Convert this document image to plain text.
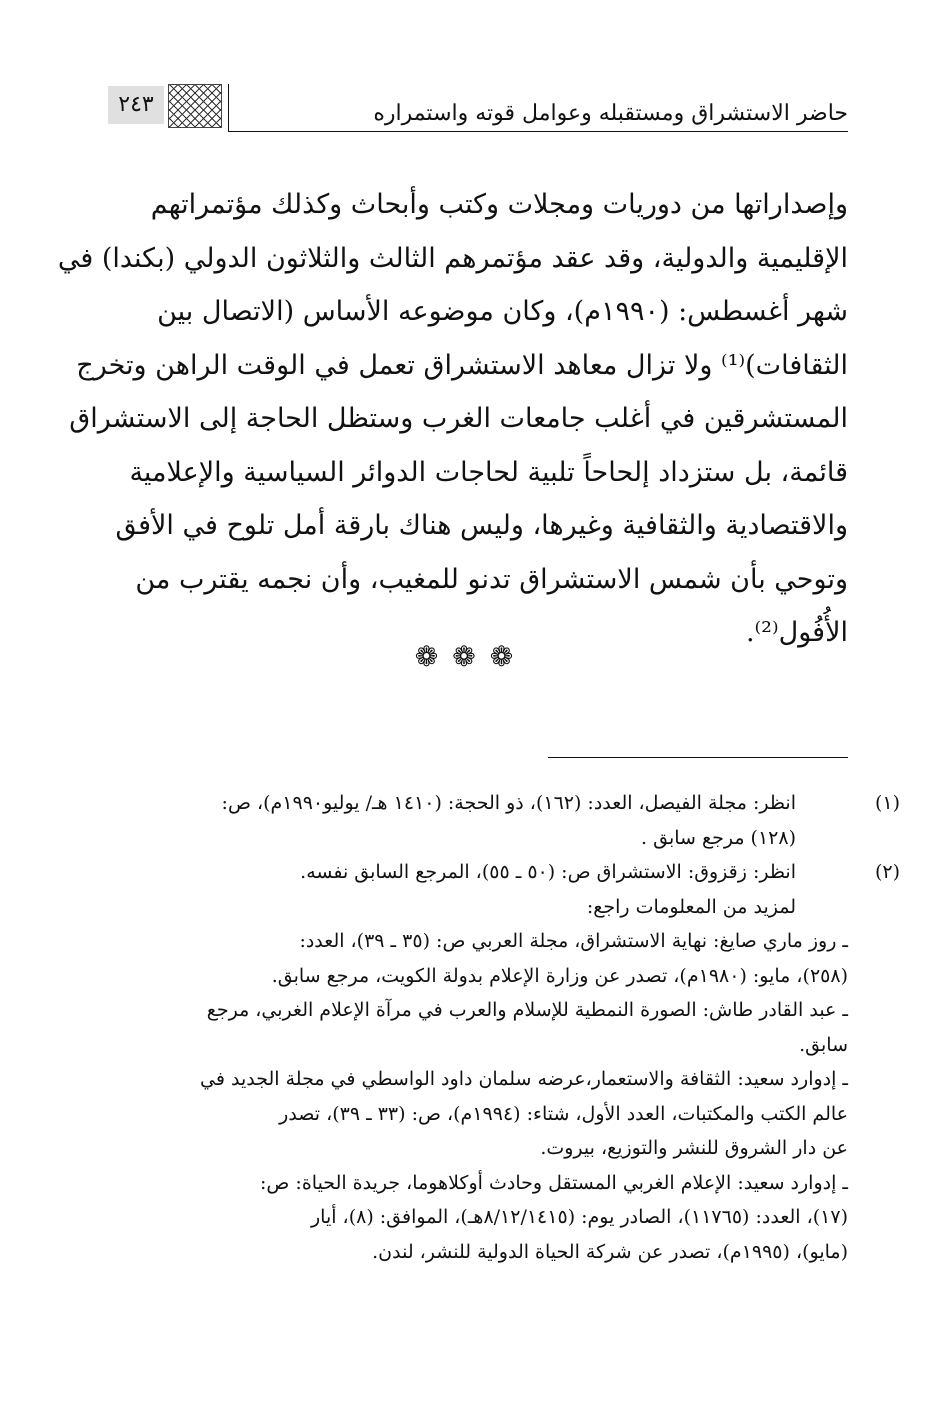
حاضر الاستشراق ومستقبله وعوامل قوته واستمراره
٢٤٣
وإصداراتها من دوريات ومجلات وكتب وأبحاث وكذلك مؤتمراتهم
الإقليمية والدولية، وقد عقد مؤتمرهم الثالث والثلاثون الدولي (بكندا) في
شهر أغسطس: (١٩٩٠م)، وكان موضوعه الأساس (الاتصال بين
الثقافات)⁽¹⁾ ولا تزال معاهد الاستشراق تعمل في الوقت الراهن وتخرج
المستشرقين في أغلب جامعات الغرب وستظل الحاجة إلى الاستشراق
قائمة، بل ستزداد إلحاحاً تلبية لحاجات الدوائر السياسية والإعلامية
والاقتصادية والثقافية وغيرها، وليس هناك بارقة أمل تلوح في الأفق
وتوحي بأن شمس الاستشراق تدنو للمغيب، وأن نجمه يقترب من
الأُفُول⁽²⁾.
❁❁❁
(١)
انظر: مجلة الفيصل، العدد: (١٦٢)، ذو الحجة: (١٤١٠ هـ/ يوليو١٩٩٠م)، ص:
(١٢٨) مرجع سابق .
(٢)
انظر: زقزوق: الاستشراق ص: (٥٠ ـ ٥٥)، المرجع السابق نفسه.
لمزيد من المعلومات راجع:
ـ روز ماري صايغ: نهاية الاستشراق، مجلة العربي ص: (٣٥ ـ ٣٩)، العدد:
(٢٥٨)، مايو: (١٩٨٠م)، تصدر عن وزارة الإعلام بدولة الكويت، مرجع سابق.
ـ عبد القادر طاش: الصورة النمطية للإسلام والعرب في مرآة الإعلام الغربي، مرجع
سابق.
ـ إدوارد سعيد: الثقافة والاستعمار،عرضه سلمان داود الواسطي في مجلة الجديد في
عالم الكتب والمكتبات، العدد الأول، شتاء: (١٩٩٤م)، ص: (٣٣ ـ ٣٩)، تصدر
عن دار الشروق للنشر والتوزيع، بيروت.
ـ إدوارد سعيد: الإعلام الغربي المستقل وحادث أوكلاهوما، جريدة الحياة: ص:
(١٧)، العدد: (١١٧٦٥)، الصادر يوم: (٨/١٢/١٤١٥هـ)، الموافق: (٨)، أيار
(مايو)، (١٩٩٥م)، تصدر عن شركة الحياة الدولية للنشر، لندن.
